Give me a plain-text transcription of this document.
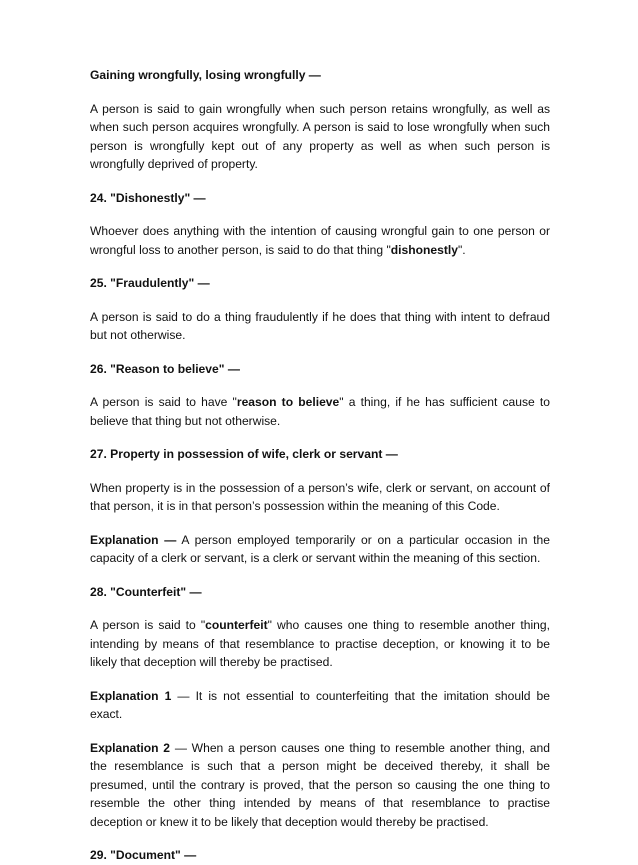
Gaining wrongfully, losing wrongfully —
A person is said to gain wrongfully when such person retains wrongfully, as well as when such person acquires wrongfully. A person is said to lose wrongfully when such person is wrongfully kept out of any property as well as when such person is wrongfully deprived of property.
24. "Dishonestly" —
Whoever does anything with the intention of causing wrongful gain to one person or wrongful loss to another person, is said to do that thing "dishonestly".
25. "Fraudulently" —
A person is said to do a thing fraudulently if he does that thing with intent to defraud but not otherwise.
26. "Reason to believe" —
A person is said to have "reason to believe" a thing, if he has sufficient cause to believe that thing but not otherwise.
27. Property in possession of wife, clerk or servant —
When property is in the possession of a person’s wife, clerk or servant, on account of that person, it is in that person’s possession within the meaning of this Code.
Explanation — A person employed temporarily or on a particular occasion in the capacity of a clerk or servant, is a clerk or servant within the meaning of this section.
28. "Counterfeit" —
A person is said to "counterfeit" who causes one thing to resemble another thing, intending by means of that resemblance to practise deception, or knowing it to be likely that deception will thereby be practised.
Explanation 1 — It is not essential to counterfeiting that the imitation should be exact.
Explanation 2 — When a person causes one thing to resemble another thing, and the resemblance is such that a person might be deceived thereby, it shall be presumed, until the contrary is proved, that the person so causing the one thing to resemble the other thing intended by means of that resemblance to practise deception or knew it to be likely that deception would thereby be practised.
29. "Document" —
